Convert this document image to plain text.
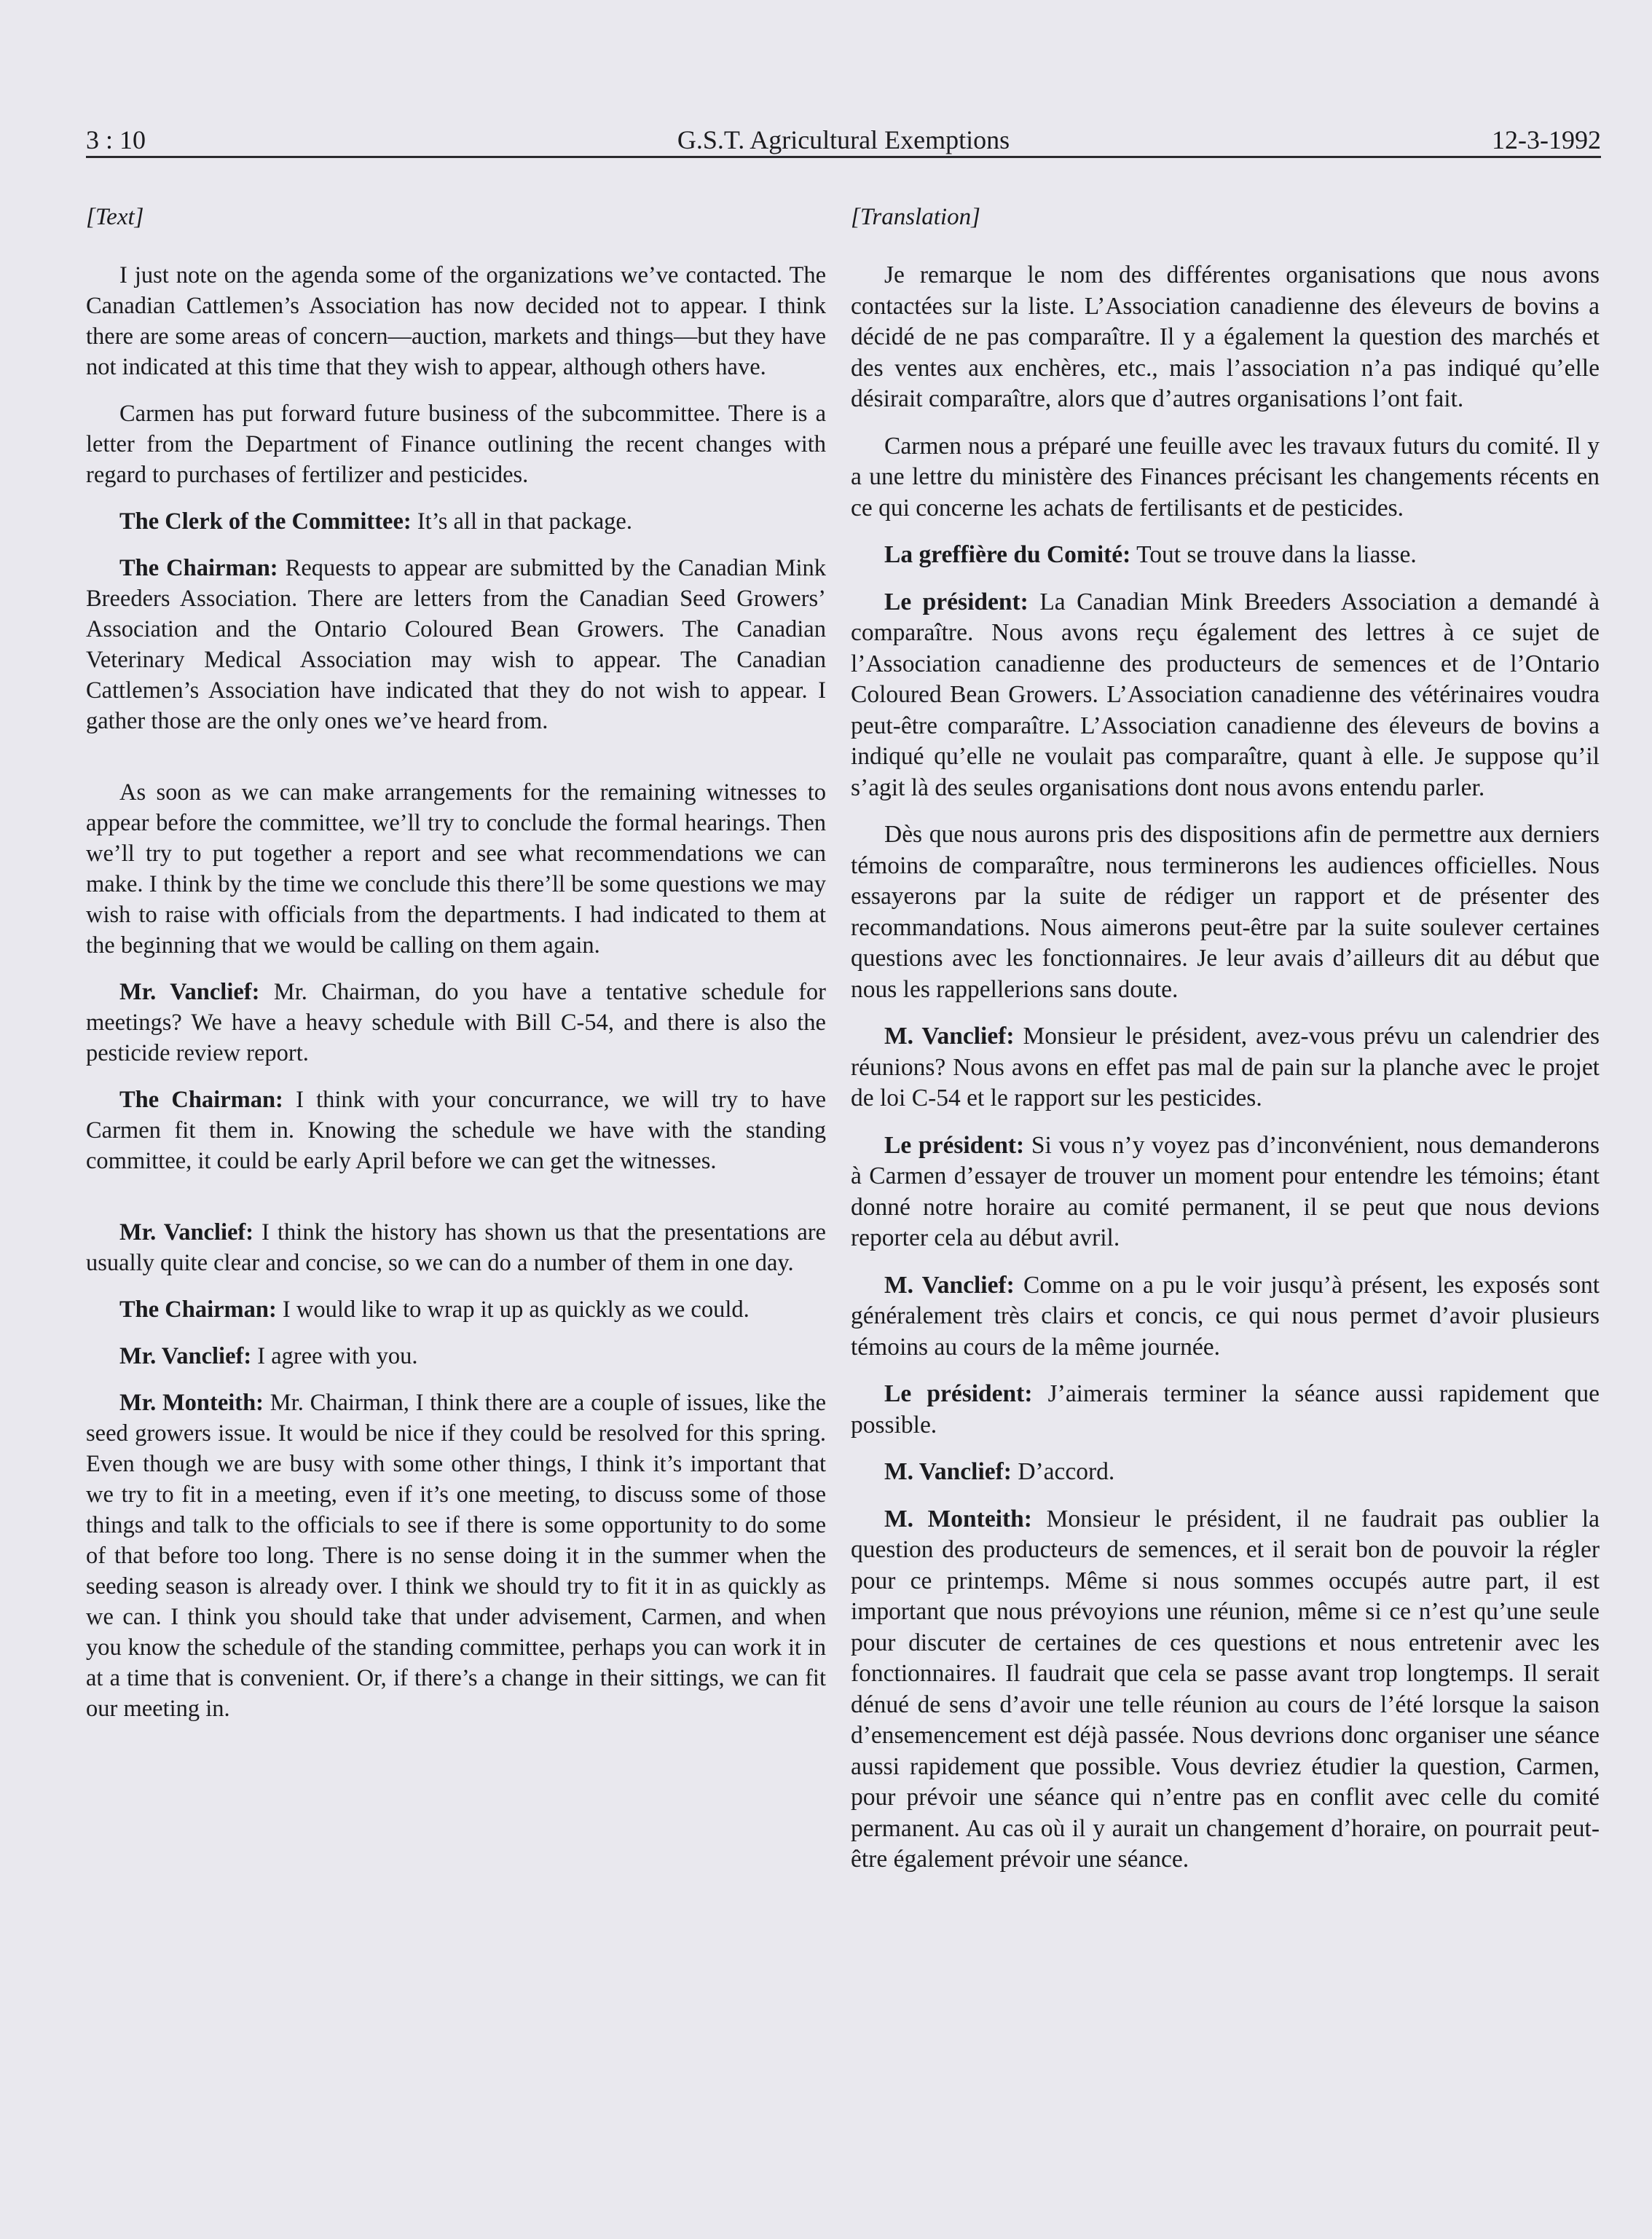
3 : 10	G.S.T. Agricultural Exemptions	12-3-1992
[Text]

I just note on the agenda some of the organizations we’ve contacted. The Canadian Cattlemen’s Association has now decided not to appear. I think there are some areas of concern—auction, markets and things—but they have not indicated at this time that they wish to appear, although others have.

Carmen has put forward future business of the subcommittee. There is a letter from the Department of Finance outlining the recent changes with regard to purchases of fertilizer and pesticides.

The Clerk of the Committee: It’s all in that package.

The Chairman: Requests to appear are submitted by the Canadian Mink Breeders Association. There are letters from the Canadian Seed Growers’ Association and the Ontario Coloured Bean Growers. The Canadian Veterinary Medical Association may wish to appear. The Canadian Cattlemen’s Association have indicated that they do not wish to appear. I gather those are the only ones we’ve heard from.

As soon as we can make arrangements for the remaining witnesses to appear before the committee, we’ll try to conclude the formal hearings. Then we’ll try to put together a report and see what recommendations we can make. I think by the time we conclude this there’ll be some questions we may wish to raise with officials from the departments. I had indicated to them at the beginning that we would be calling on them again.

Mr. Vanclief: Mr. Chairman, do you have a tentative schedule for meetings? We have a heavy schedule with Bill C-54, and there is also the pesticide review report.

The Chairman: I think with your concurrance, we will try to have Carmen fit them in. Knowing the schedule we have with the standing committee, it could be early April before we can get the witnesses.

Mr. Vanclief: I think the history has shown us that the presentations are usually quite clear and concise, so we can do a number of them in one day.

The Chairman: I would like to wrap it up as quickly as we could.

Mr. Vanclief: I agree with you.

Mr. Monteith: Mr. Chairman, I think there are a couple of issues, like the seed growers issue. It would be nice if they could be resolved for this spring. Even though we are busy with some other things, I think it’s important that we try to fit in a meeting, even if it’s one meeting, to discuss some of those things and talk to the officials to see if there is some opportunity to do some of that before too long. There is no sense doing it in the summer when the seeding season is already over. I think we should try to fit it in as quickly as we can. I think you should take that under advisement, Carmen, and when you know the schedule of the standing committee, perhaps you can work it in at a time that is convenient. Or, if there’s a change in their sittings, we can fit our meeting in.

[Translation]

Je remarque le nom des différentes organisations que nous avons contactées sur la liste. L’Association canadienne des éleveurs de bovins a décidé de ne pas comparaître. Il y a également la question des marchés et des ventes aux enchères, etc., mais l’association n’a pas indiqué qu’elle désirait comparaître, alors que d’autres organisations l’ont fait.

Carmen nous a préparé une feuille avec les travaux futurs du comité. Il y a une lettre du ministère des Finances précisant les changements récents en ce qui concerne les achats de fertilisants et de pesticides.

La greffière du Comité: Tout se trouve dans la liasse.

Le président: La Canadian Mink Breeders Association a demandé à comparaître. Nous avons reçu également des lettres à ce sujet de l’Association canadienne des producteurs de semences et de l’Ontario Coloured Bean Growers. L’Association canadienne des vétérinaires voudra peut-être comparaître. L’Association canadienne des éleveurs de bovins a indiqué qu’elle ne voulait pas comparaître, quant à elle. Je suppose qu’il s’agit là des seules organisations dont nous avons entendu parler.

Dès que nous aurons pris des dispositions afin de permettre aux derniers témoins de comparaître, nous terminerons les audiences officielles. Nous essayerons par la suite de rédiger un rapport et de présenter des recommandations. Nous aimerons peut-être par la suite soulever certaines questions avec les fonctionnaires. Je leur avais d’ailleurs dit au début que nous les rappellerions sans doute.

M. Vanclief: Monsieur le président, avez-vous prévu un calendrier des réunions? Nous avons en effet pas mal de pain sur la planche avec le projet de loi C-54 et le rapport sur les pesticides.

Le président: Si vous n’y voyez pas d’inconvénient, nous demanderons à Carmen d’essayer de trouver un moment pour entendre les témoins; étant donné notre horaire au comité permanent, il se peut que nous devions reporter cela au début avril.

M. Vanclief: Comme on a pu le voir jusqu’à présent, les exposés sont généralement très clairs et concis, ce qui nous permet d’avoir plusieurs témoins au cours de la même journée.

Le président: J’aimerais terminer la séance aussi rapidement que possible.

M. Vanclief: D’accord.

M. Monteith: Monsieur le président, il ne faudrait pas oublier la question des producteurs de semences, et il serait bon de pouvoir la régler pour ce printemps. Même si nous sommes occupés autre part, il est important que nous prévoyions une réunion, même si ce n’est qu’une seule pour discuter de certaines de ces questions et nous entretenir avec les fonctionnaires. Il faudrait que cela se passe avant trop longtemps. Il serait dénué de sens d’avoir une telle réunion au cours de l’été lorsque la saison d’ensemencement est déjà passée. Nous devrions donc organiser une séance aussi rapidement que possible. Vous devriez étudier la question, Carmen, pour prévoir une séance qui n’entre pas en conflit avec celle du comité permanent. Au cas où il y aurait un changement d’horaire, on pourrait peut-être également prévoir une séance.
